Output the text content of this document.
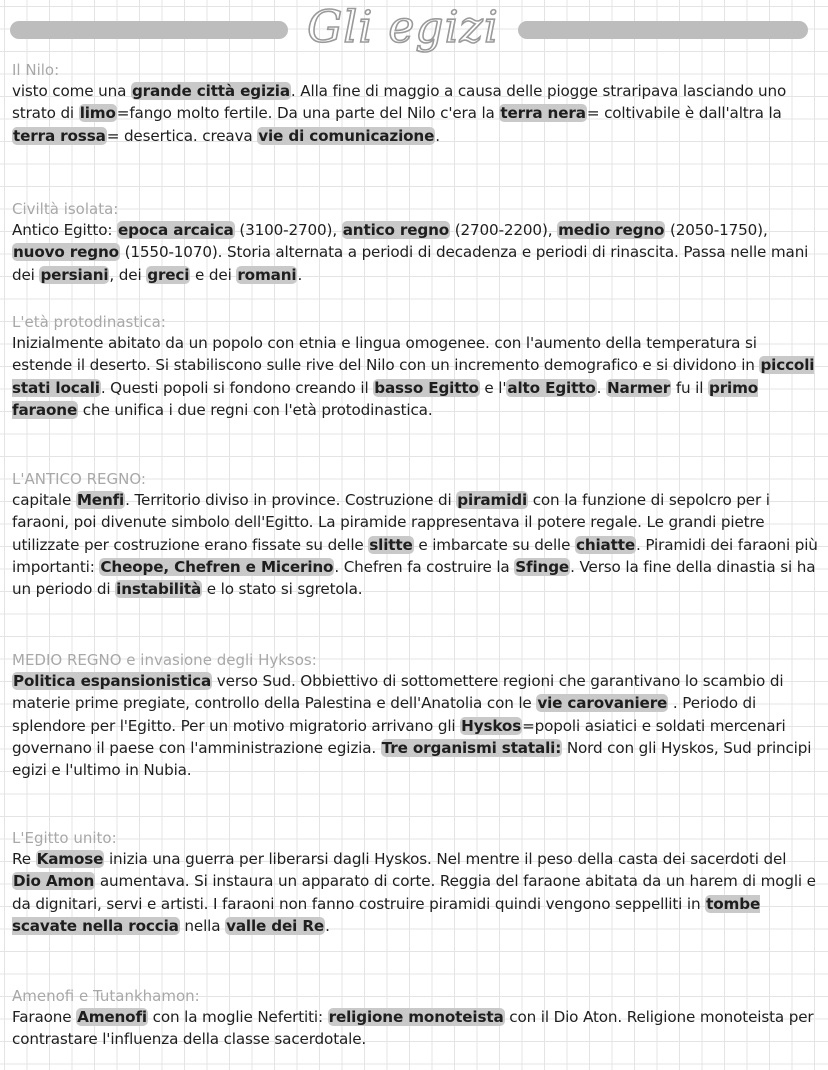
Gli egizi
Il Nilo:

visto come una grande città egizia. Alla fine di maggio a causa delle piogge straripava lasciando uno strato di limo=fango molto fertile. Da una parte del Nilo c'era la terra nera= coltivabile è dall'altra la terra rossa= desertica. creava vie di comunicazione.

Civiltà isolata:

Antico Egitto: epoca arcaica (3100-2700), antico regno (2700-2200), medio regno (2050-1750), nuovo regno (1550-1070). Storia alternata a periodi di decadenza e periodi di rinascita. Passa nelle mani dei persiani, dei greci e dei romani.

L'età protodinastica:

Inizialmente abitato da un popolo con etnia e lingua omogenee. con l'aumento della temperatura si estende il deserto. Si stabiliscono sulle rive del Nilo con un incremento demografico e si dividono in piccoli stati locali. Questi popoli si fondono creando il basso Egitto e l'alto Egitto. Narmer fu il primo faraone che unifica i due regni con l'età protodinastica.

L'ANTICO REGNO:

capitale Menfi. Territorio diviso in province. Costruzione di piramidi con la funzione di sepolcro per i faraoni, poi divenute simbolo dell'Egitto. La piramide rappresentava il potere regale. Le grandi pietre utilizzate per costruzione erano fissate su delle slitte e imbarcate su delle chiatte. Piramidi dei faraoni più importanti: Cheope, Chefren e Micerino. Chefren fa costruire la Sfinge. Verso la fine della dinastia si ha un periodo di instabilità e lo stato si sgretola.

MEDIO REGNO e invasione degli Hyksos:

Politica espansionistica verso Sud. Obbiettivo di sottomettere regioni che garantivano lo scambio di materie prime pregiate, controllo della Palestina e dell'Anatolia con le vie carovaniere . Periodo di splendore per l'Egitto. Per un motivo migratorio arrivano gli Hyskos=popoli asiatici e soldati mercenari governano il paese con l'amministrazione egizia. Tre organismi statali: Nord con gli Hyskos, Sud principi egizi e l'ultimo in Nubia.

L'Egitto unito:

Re Kamose inizia una guerra per liberarsi dagli Hyskos. Nel mentre il peso della casta dei sacerdoti del Dio Amon aumentava. Si instaura un apparato di corte. Reggia del faraone abitata da un harem di mogli e da dignitari, servi e artisti. I faraoni non fanno costruire piramidi quindi vengono seppelliti in tombe scavate nella roccia nella valle dei Re.

Amenofi e Tutankhamon:

Faraone Amenofi con la moglie Nefertiti: religione monoteista con il Dio Aton. Religione monoteista per contrastare l'influenza della classe sacerdotale.
